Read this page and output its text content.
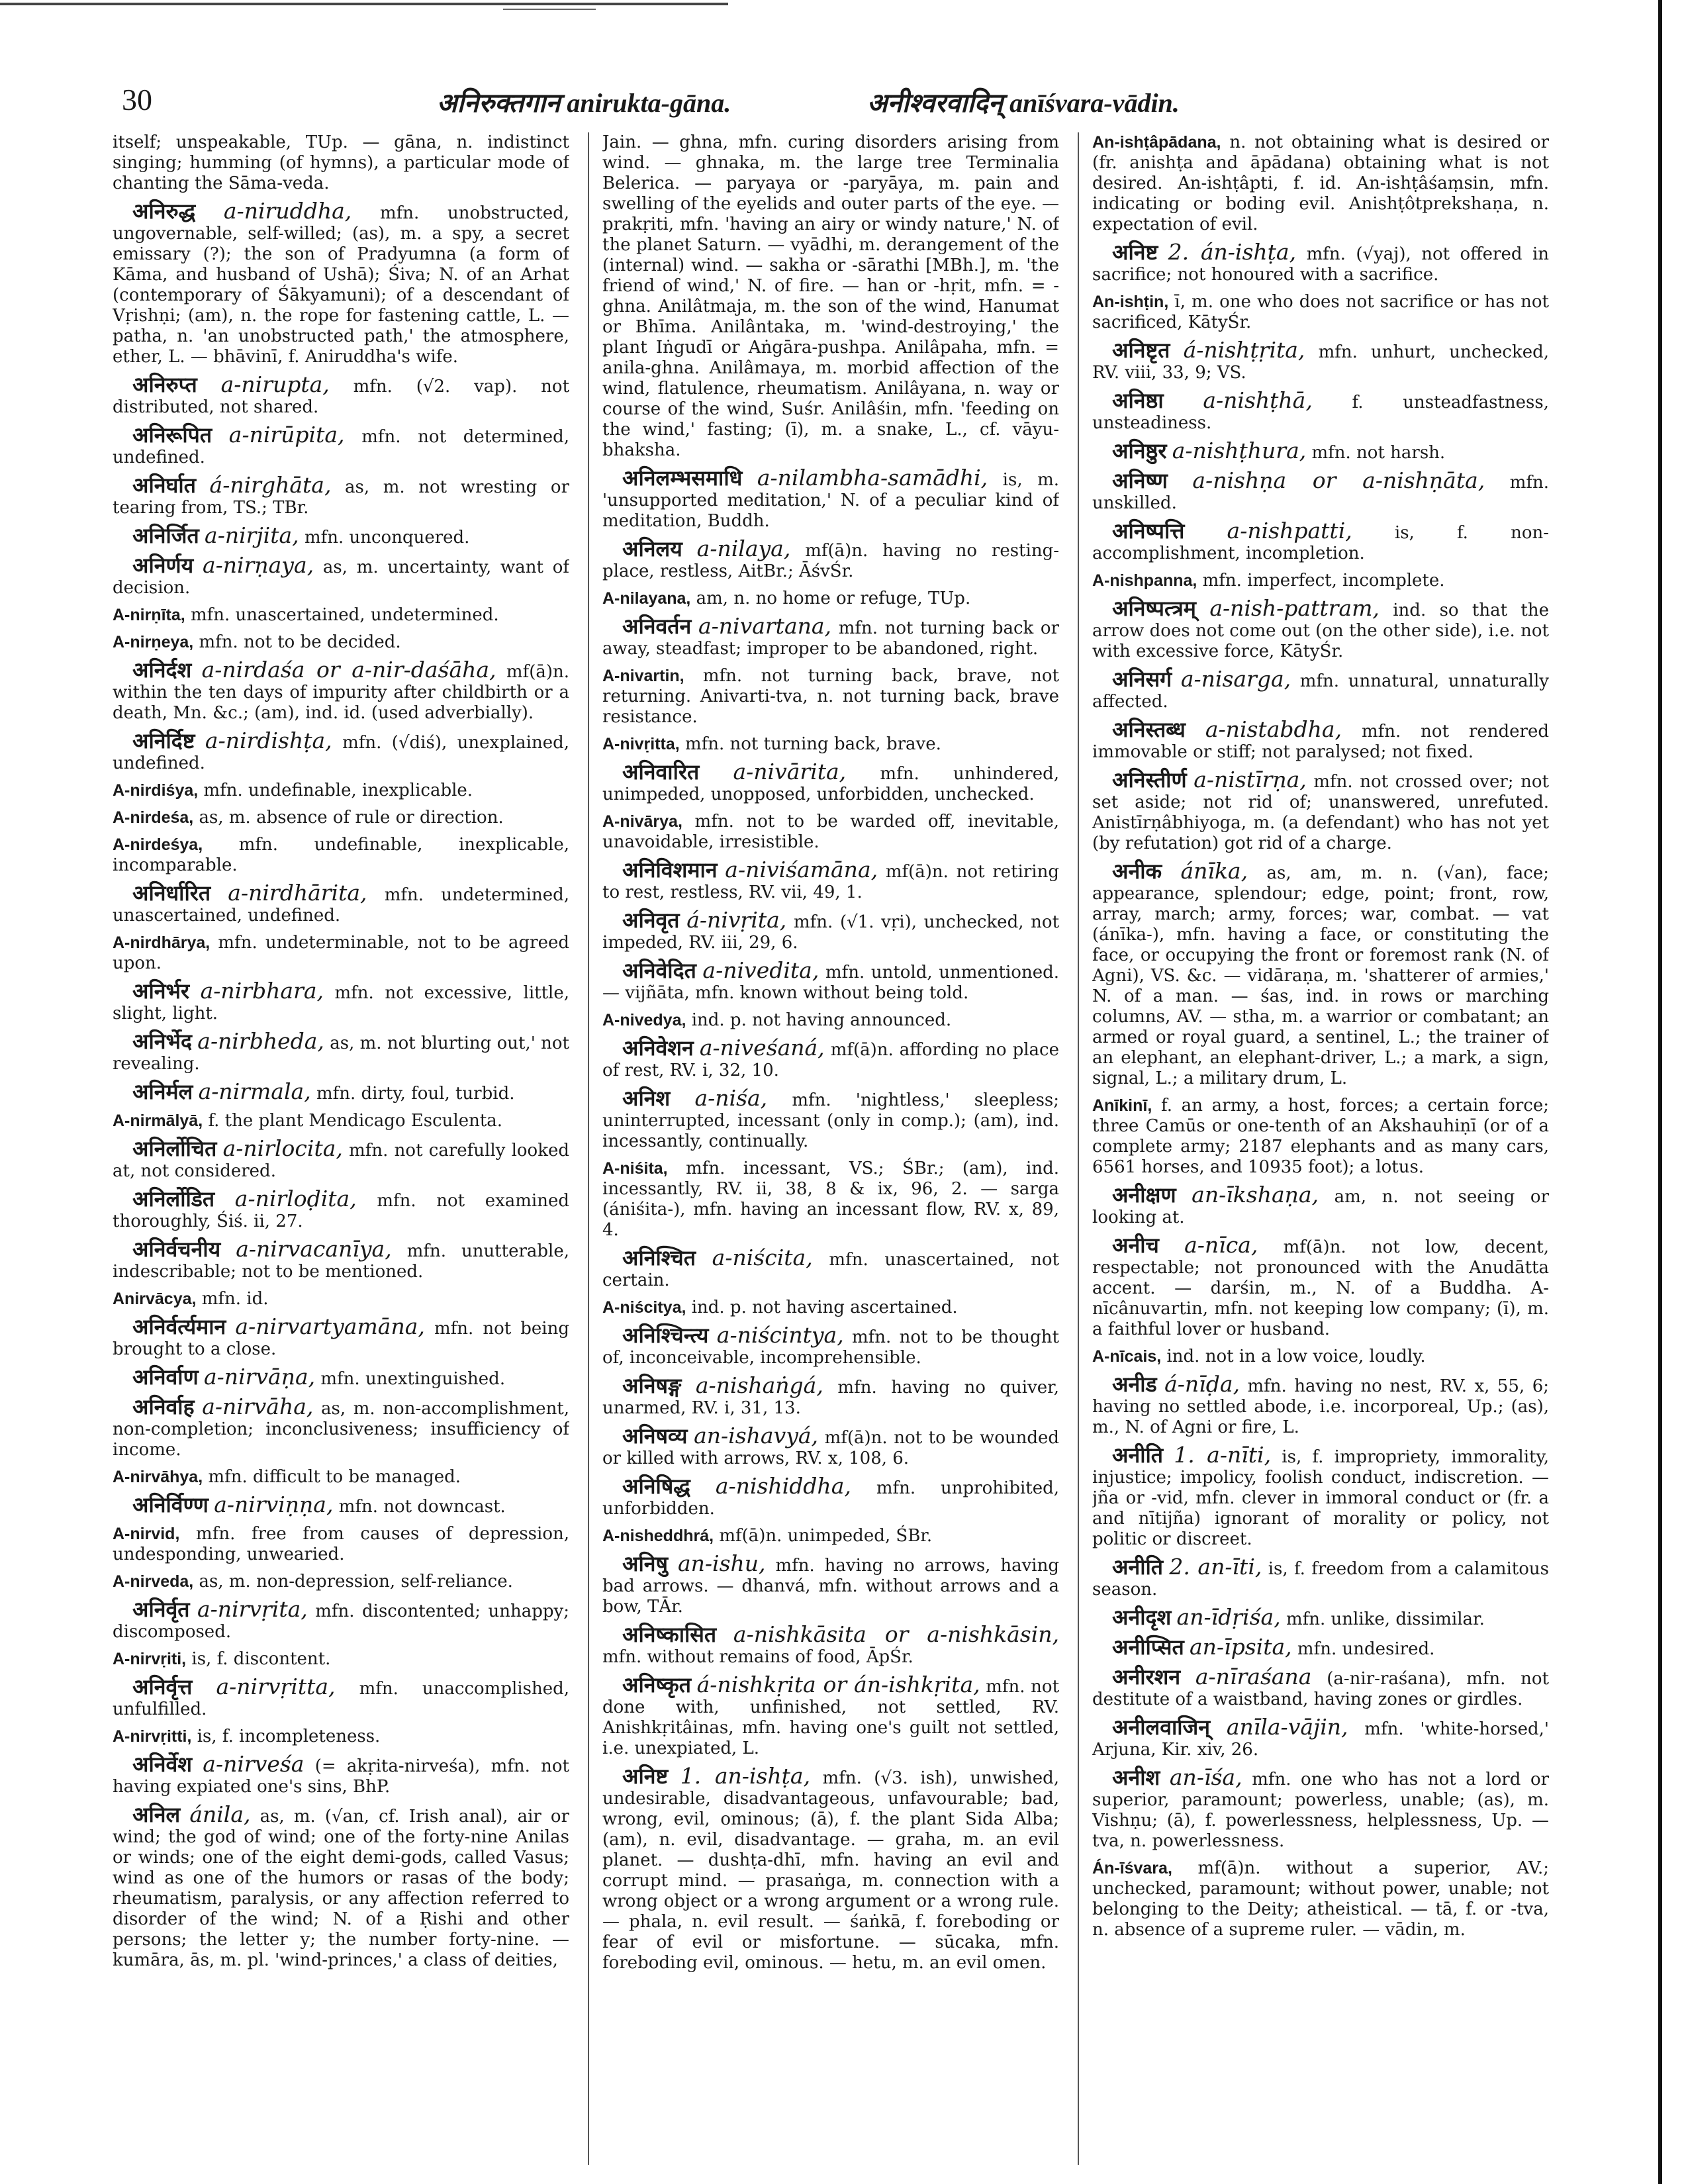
30	अनिरुक्तगान anirukta-gāna.	अनीश्वरवादिन् anīśvara-vādin.

itself; unspeakable, TUp. — gāna, n. indistinct singing; humming (of hymns), a particular mode of chanting the Sāma-veda.

अनिरुद्ध a-niruddha, mfn. unobstructed, ungovernable, self-willed; (as), m. a spy, a secret emissary (?); the son of Pradyumna (a form of Kāma, and husband of Ushā); Śiva; N. of an Arhat (contemporary of Śākyamuni); of a descendant of Vṛishṇi; (am), n. the rope for fastening cattle, L. — patha, n. 'an unobstructed path,' the atmosphere, ether, L. — bhāvinī, f. Aniruddha's wife.

अनिरुप्त a-nirupta, mfn. (√2. vap). not distributed, not shared.

अनिरूपित a-nirūpita, mfn. not determined, undefined.

अनिर्घात á-nirghāta, as, m. not wresting or tearing from, TS.; TBr.

अनिर्जित a-nirjita, mfn. unconquered.

अनिर्णय a-nirṇaya, as, m. uncertainty, want of decision.

A-nirṇīta, mfn. unascertained, undetermined.

A-nirṇeya, mfn. not to be decided.

अनिर्दश a-nirdaśa or a-nir-daśāha, mf(ā)n. within the ten days of impurity after childbirth or a death, Mn. &c.; (am), ind. id. (used adverbially).

अनिर्दिष्ट a-nirdishṭa, mfn. (√diś), unexplained, undefined.

A-nirdiśya, mfn. undefinable, inexplicable.

A-nirdeśa, as, m. absence of rule or direction.

A-nirdeśya, mfn. undefinable, inexplicable, incomparable.

अनिर्धारित a-nirdhārita, mfn. undetermined, unascertained, undefined.

A-nirdhārya, mfn. undeterminable, not to be agreed upon.

अनिर्भर a-nirbhara, mfn. not excessive, little, slight, light.

अनिर्भेद a-nirbheda, as, m. not blurting out,' not revealing.

अनिर्मल a-nirmala, mfn. dirty, foul, turbid.

A-nirmālyā, f. the plant Mendicago Esculenta.

अनिर्लोचित a-nirlocita, mfn. not carefully looked at, not considered.

अनिर्लोडित a-nirloḍita, mfn. not examined thoroughly, Śiś. ii, 27.

अनिर्वचनीय a-nirvacanīya, mfn. unutterable, indescribable; not to be mentioned.

Anirvācya, mfn. id.

अनिर्वर्त्यमान a-nirvartyamāna, mfn. not being brought to a close.

अनिर्वाण a-nirvāṇa, mfn. unextinguished.

अनिर्वाह a-nirvāha, as, m. non-accomplishment, non-completion; inconclusiveness; insufficiency of income.

A-nirvāhya, mfn. difficult to be managed.

अनिर्विण्ण a-nirviṇṇa, mfn. not downcast.

A-nirvid, mfn. free from causes of depression, undesponding, unwearied.

A-nirveda, as, m. non-depression, self-reliance.

अनिर्वृत a-nirvṛita, mfn. discontented; unhappy; discomposed.

A-nirvṛiti, is, f. discontent.

अनिर्वृत्त a-nirvṛitta, mfn. unaccomplished, unfulfilled.

A-nirvṛitti, is, f. incompleteness.

अनिर्वेश a-nirveśa (= akṛita-nirveśa), mfn. not having expiated one's sins, BhP.

अनिल ánila, as, m. (√an, cf. Irish anal), air or wind; the god of wind; one of the forty-nine Anilas or winds; one of the eight demi-gods, called Vasus; wind as one of the humors or rasas of the body; rheumatism, paralysis, or any affection referred to disorder of the wind; N. of a Ṛishi and other persons; the letter y; the number forty-nine. — kumāra, ās, m. pl. 'wind-princes,' a class of deities,

Jain. — ghna, mfn. curing disorders arising from wind. — ghnaka, m. the large tree Terminalia Belerica. — paryaya or -paryāya, m. pain and swelling of the eyelids and outer parts of the eye. — prakṛiti, mfn. 'having an airy or windy nature,' N. of the planet Saturn. — vyādhi, m. derangement of the (internal) wind. — sakha or -sārathi [MBh.], m. 'the friend of wind,' N. of fire. — han or -hṛit, mfn. = -ghna. Anilâtmaja, m. the son of the wind, Hanumat or Bhīma. Anilântaka, m. 'wind-destroying,' the plant Iṅgudī or Aṅgāra-pushpa. Anilâpaha, mfn. = anila-ghna. Anilâmaya, m. morbid affection of the wind, flatulence, rheumatism. Anilâyana, n. way or course of the wind, Suśr. Anilâśin, mfn. 'feeding on the wind,' fasting; (ī), m. a snake, L., cf. vāyu-bhaksha.

अनिलम्भसमाधि a-nilambha-samādhi, is, m. 'unsupported meditation,' N. of a peculiar kind of meditation, Buddh.

अनिलय a-nilaya, mf(ā)n. having no resting-place, restless, AitBr.; ĀśvŚr.

A-nilayana, am, n. no home or refuge, TUp.

अनिवर्तन a-nivartana, mfn. not turning back or away, steadfast; improper to be abandoned, right.

A-nivartin, mfn. not turning back, brave, not returning. Anivarti-tva, n. not turning back, brave resistance.

A-nivṛitta, mfn. not turning back, brave.

अनिवारित a-nivārita, mfn. unhindered, unimpeded, unopposed, unforbidden, unchecked.

A-nivārya, mfn. not to be warded off, inevitable, unavoidable, irresistible.

अनिविशमान a-niviśamāna, mf(ā)n. not retiring to rest, restless, RV. vii, 49, 1.

अनिवृत á-nivṛita, mfn. (√1. vṛi), unchecked, not impeded, RV. iii, 29, 6.

अनिवेदित a-nivedita, mfn. untold, unmentioned. — vijñāta, mfn. known without being told.

A-nivedya, ind. p. not having announced.

अनिवेशन a-niveśaná, mf(ā)n. affording no place of rest, RV. i, 32, 10.

अनिश a-niśa, mfn. 'nightless,' sleepless; uninterrupted, incessant (only in comp.); (am), ind. incessantly, continually.

A-niśita, mfn. incessant, VS.; ŚBr.; (am), ind. incessantly, RV. ii, 38, 8 & ix, 96, 2. — sarga (ániśita-), mfn. having an incessant flow, RV. x, 89, 4.

अनिश्चित a-niścita, mfn. unascertained, not certain.

A-niścitya, ind. p. not having ascertained.

अनिश्चिन्त्य a-niścintya, mfn. not to be thought of, inconceivable, incomprehensible.

अनिषङ्ग a-nishaṅgá, mfn. having no quiver, unarmed, RV. i, 31, 13.

अनिषव्य an-ishavyá, mf(ā)n. not to be wounded or killed with arrows, RV. x, 108, 6.

अनिषिद्ध a-nishiddha, mfn. unprohibited, unforbidden.

A-nisheddhrá, mf(ā)n. unimpeded, ŚBr.

अनिषु an-ishu, mfn. having no arrows, having bad arrows. — dhanvá, mfn. without arrows and a bow, TĀr.

अनिष्कासित a-nishkāsita or a-nishkāsin, mfn. without remains of food, ĀpŚr.

अनिष्कृत á-nishkṛita or án-ishkṛita, mfn. not done with, unfinished, not settled, RV. Anishkṛitâinas, mfn. having one's guilt not settled, i.e. unexpiated, L.

अनिष्ट 1. an-ishṭa, mfn. (√3. ish), unwished, undesirable, disadvantageous, unfavourable; bad, wrong, evil, ominous; (ā), f. the plant Sida Alba; (am), n. evil, disadvantage. — graha, m. an evil planet. — dushṭa-dhī, mfn. having an evil and corrupt mind. — prasaṅga, m. connection with a wrong object or a wrong argument or a wrong rule. — phala, n. evil result. — śaṅkā, f. foreboding or fear of evil or misfortune. — sūcaka, mfn. foreboding evil, ominous. — hetu, m. an evil omen.

An-ishṭâpādana, n. not obtaining what is desired or (fr. anishṭa and āpādana) obtaining what is not desired. An-ishṭâpti, f. id. An-ishṭâśaṃsin, mfn. indicating or boding evil. Anishṭôtprekshaṇa, n. expectation of evil.

अनिष्ट 2. án-ishṭa, mfn. (√yaj), not offered in sacrifice; not honoured with a sacrifice.

An-ishṭin, ī, m. one who does not sacrifice or has not sacrificed, KātyŚr.

अनिष्टृत á-nishṭṛita, mfn. unhurt, unchecked, RV. viii, 33, 9; VS.

अनिष्ठा a-nishṭhā, f. unsteadfastness, unsteadiness.

अनिष्ठुर a-nishṭhura, mfn. not harsh.

अनिष्ण a-nishṇa or a-nishṇāta, mfn. unskilled.

अनिष्पत्ति a-nishpatti, is, f. non-accomplishment, incompletion.

A-nishpanna, mfn. imperfect, incomplete.

अनिष्पत्त्रम् a-nish-pattram, ind. so that the arrow does not come out (on the other side), i.e. not with excessive force, KātyŚr.

अनिसर्ग a-nisarga, mfn. unnatural, unnaturally affected.

अनिस्तब्ध a-nistabdha, mfn. not rendered immovable or stiff; not paralysed; not fixed.

अनिस्तीर्ण a-nistīrṇa, mfn. not crossed over; not set aside; not rid of; unanswered, unrefuted. Anistīrṇâbhiyoga, m. (a defendant) who has not yet (by refutation) got rid of a charge.

अनीक ánīka, as, am, m. n. (√an), face; appearance, splendour; edge, point; front, row, array, march; army, forces; war, combat. — vat (ánīka-), mfn. having a face, or constituting the face, or occupying the front or foremost rank (N. of Agni), VS. &c. — vidāraṇa, m. 'shatterer of armies,' N. of a man. — śas, ind. in rows or marching columns, AV. — stha, m. a warrior or combatant; an armed or royal guard, a sentinel, L.; the trainer of an elephant, an elephant-driver, L.; a mark, a sign, signal, L.; a military drum, L.

Anīkinī, f. an army, a host, forces; a certain force; three Camūs or one-tenth of an Akshauhiṇī (or of a complete army; 2187 elephants and as many cars, 6561 horses, and 10935 foot); a lotus.

अनीक्षण an-īkshaṇa, am, n. not seeing or looking at.

अनीच a-nīca, mf(ā)n. not low, decent, respectable; not pronounced with the Anudātta accent. — darśin, m., N. of a Buddha. A-nīcânuvartin, mfn. not keeping low company; (ī), m. a faithful lover or husband.

A-nīcais, ind. not in a low voice, loudly.

अनीड á-nīḍa, mfn. having no nest, RV. x, 55, 6; having no settled abode, i.e. incorporeal, Up.; (as), m., N. of Agni or fire, L.

अनीति 1. a-nīti, is, f. impropriety, immorality, injustice; impolicy, foolish conduct, indiscretion. — jña or -vid, mfn. clever in immoral conduct or (fr. a and nītijña) ignorant of morality or policy, not politic or discreet.

अनीति 2. an-īti, is, f. freedom from a calamitous season.

अनीदृश an-īdṛiśa, mfn. unlike, dissimilar.

अनीप्सित an-īpsita, mfn. undesired.

अनीरशन a-nīraśana (a-nir-raśana), mfn. not destitute of a waistband, having zones or girdles.

अनीलवाजिन् anīla-vājin, mfn. 'white-horsed,' Arjuna, Kir. xiv, 26.

अनीश an-īśa, mfn. one who has not a lord or superior, paramount; powerless, unable; (as), m. Vishṇu; (ā), f. powerlessness, helplessness, Up. — tva, n. powerlessness.

Án-īśvara, mf(ā)n. without a superior, AV.; unchecked, paramount; without power, unable; not belonging to the Deity; atheistical. — tā, f. or -tva, n. absence of a supreme ruler. — vādin, m.
